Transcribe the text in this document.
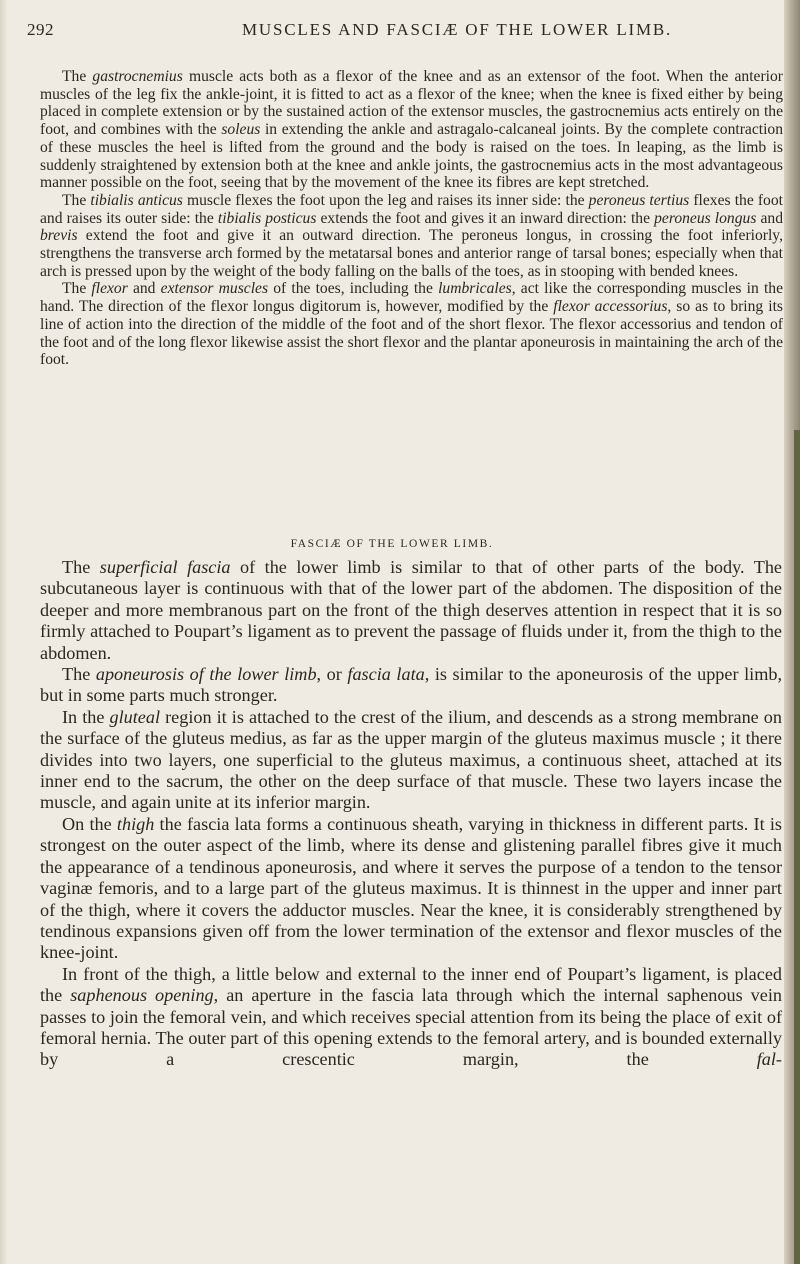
292	MUSCLES AND FASCIÆ OF THE LOWER LIMB.

The gastrocnemius muscle acts both as a flexor of the knee and as an extensor of the foot. When the anterior muscles of the leg fix the ankle-joint, it is fitted to act as a flexor of the knee; when the knee is fixed either by being placed in complete extension or by the sustained action of the extensor muscles, the gastrocnemius acts entirely on the foot, and combines with the soleus in extending the ankle and astragalo-calcaneal joints. By the complete contraction of these muscles the heel is lifted from the ground and the body is raised on the toes. In leaping, as the limb is suddenly straightened by extension both at the knee and ankle joints, the gastrocnemius acts in the most advantageous manner possible on the foot, seeing that by the movement of the knee its fibres are kept stretched.

The tibialis anticus muscle flexes the foot upon the leg and raises its inner side: the peroneus tertius flexes the foot and raises its outer side: the tibialis posticus extends the foot and gives it an inward direction: the peroneus longus and brevis extend the foot and give it an outward direction. The peroneus longus, in crossing the foot inferiorly, strengthens the transverse arch formed by the metatarsal bones and anterior range of tarsal bones; especially when that arch is pressed upon by the weight of the body falling on the balls of the toes, as in stooping with bended knees.

The flexor and extensor muscles of the toes, including the lumbricales, act like the corresponding muscles in the hand. The direction of the flexor longus digitorum is, however, modified by the flexor accessorius, so as to bring its line of action into the direction of the middle of the foot and of the short flexor. The flexor accessorius and tendon of the foot and of the long flexor likewise assist the short flexor and the plantar aponeurosis in maintaining the arch of the foot.

FASCIÆ OF THE LOWER LIMB.

The superficial fascia of the lower limb is similar to that of other parts of the body. The subcutaneous layer is continuous with that of the lower part of the abdomen. The disposition of the deeper and more membranous part on the front of the thigh deserves attention in respect that it is so firmly attached to Poupart’s ligament as to prevent the passage of fluids under it, from the thigh to the abdomen.

The aponeurosis of the lower limb, or fascia lata, is similar to the aponeurosis of the upper limb, but in some parts much stronger.

In the gluteal region it is attached to the crest of the ilium, and descends as a strong membrane on the surface of the gluteus medius, as far as the upper margin of the gluteus maximus muscle ; it there divides into two layers, one superficial to the gluteus maximus, a continuous sheet, attached at its inner end to the sacrum, the other on the deep surface of that muscle. These two layers incase the muscle, and again unite at its inferior margin.

On the thigh the fascia lata forms a continuous sheath, varying in thickness in different parts. It is strongest on the outer aspect of the limb, where its dense and glistening parallel fibres give it much the appearance of a tendinous aponeurosis, and where it serves the purpose of a tendon to the tensor vaginæ femoris, and to a large part of the gluteus maximus. It is thinnest in the upper and inner part of the thigh, where it covers the adductor muscles. Near the knee, it is considerably strengthened by tendinous expansions given off from the lower termination of the extensor and flexor muscles of the knee-joint.

In front of the thigh, a little below and external to the inner end of Poupart’s ligament, is placed the saphenous opening, an aperture in the fascia lata through which the internal saphenous vein passes to join the femoral vein, and which receives special attention from its being the place of exit of femoral hernia. The outer part of this opening extends to the femoral artery, and is bounded externally by a crescentic margin, the fal-
